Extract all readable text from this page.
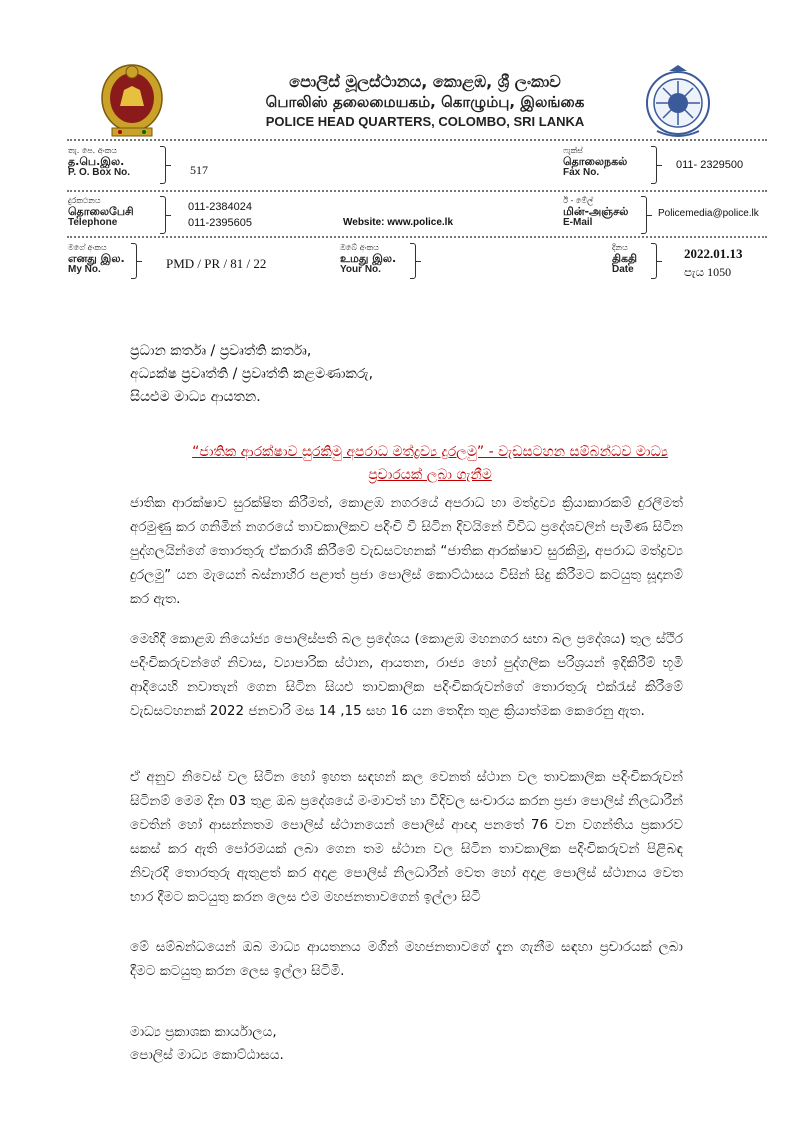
පොලිස් මූලස්ථානය, කොළඹ, ශ්‍රී ලංකාව
பொலிஸ் தலைமையகம், கொழும்பு, இலங்கை
POLICE HEAD QUARTERS, COLOMBO, SRI LANKA
තැ. පෙ. අංකය
த.பெ.இல.
P. O. Box No.	517
ෆැක්ස්
தொலைநகல்
Fax No.
011- 2329500
දුරකථනය
தொலைபேசி
Telephone
011-2384024
011-2395605	Website: www.police.lk
ඊ - මේල්
மின்-அஞ்சல்
E-Mail
Policemedia@police.lk
මගේ අංකය
எனது இல.
My No.	PMD / PR / 81 / 22
ඔබේ අංකය
உமது இல.
Your No.
දිනය
திகதி
Date
2022.01.13
පැය 1050
ප්‍රධාන කර්තෘ / ප්‍රවෘත්ති කර්තෘ,
අධ්‍යක්ෂ ප්‍රවෘත්ති / ප්‍රවෘත්ති කළමණාකරු,
සියළුම මාධ්‍ය ආයතන.
“ජාතික ආරක්ෂාව සුරකිමු අපරාධ මත්ද්‍රව්‍ය දුරලමු” - වැඩසටහන සම්බන්ධව මාධ්‍ය
ප්‍රචාරයක් ලබා ගැනීම
ජාතික ආරක්ෂාව සුරක්ෂිත කිරීමත්, කොළඹ නගරයේ අපරාධ හා මත්ද්‍රව්‍ය ක්‍රියාකාරකම් දුරලීමත් අරමුණු කර ගනිමින් නගරයේ තාවකාලිකව පදිංචි වී සිටින දිවයිනේ විවිධ ප්‍රදේශවලින් පැමිණ සිටින පුද්ගලයින්ගේ තොරතුරු ඒකරාශි කිරීමේ වැඩසටහනක් “ජාතික ආරක්ෂාව සුරකිමු, අපරාධ මත්ද්‍රව්‍ය දුරලමු” යන මැයෙන් බස්නාහිර පළාත් ප්‍රජා පොලිස් කොට්ඨාසය විසින් සිදු කිරීමට කටයුතු සූදානම් කර ඇත.
මෙහිදී කොළඹ නියෝජ්‍ය පොලිස්පති බල ප්‍රදේශය (කොළඹ මහනගර සභා බල ප්‍රදේශය) තුල ස්ථිර පදිංචිකරුවන්ගේ නිවාස, ව්‍යාපාරික ස්ථාන, ආයතන, රාජ්‍ය හෝ පුද්ගලික පරිශ්‍රයන් ඉදිකිරීම් භූමි ආදියෙහි නවාතැන් ගෙන සිටින සියළු තාවකාලික පදිංචිකරුවන්ගේ තොරතුරු එක්රැස් කිරීමේ වැඩසටහනක් 2022 ජනවාරි මස 14 ,15 සහ 16 යන තෙදින තුළ ක්‍රියාත්මක කෙරෙනු ඇත.
ඒ අනුව නිවෙස් වල සිටින හෝ ඉහත සඳහන් කල වෙනත් ස්ථාන වල තාවකාලික පදිංචිකරුවන් සිටිනම් මෙම දින 03 තුළ ඔබ ප්‍රදේශයේ මංමාවත් හා වීදිවල සංචාරය කරන ප්‍රජා පොලිස් නිලධාරීන් වෙතින් හෝ ආසන්නතම පොලිස් ස්ථානයෙන් පොලිස් ආඥා පනතේ 76 වන වගන්තිය ප්‍රකාරව සකස් කර ඇති පෝරමයක් ලබා ගෙන තම ස්ථාන වල සිටින තාවකාලික පදිංචිකරුවන් පිළිබඳ නිවැරදි තොරතුරු ඇතුළත් කර අදාළ පොලිස් නිලධාරීන් වෙත හෝ අදාළ පොලිස් ස්ථානය වෙත භාර දීමට කටයුතු කරන ලෙස එම මහජනතාවගෙන් ඉල්ලා සිටී
මේ සම්බන්ධයෙන් ඔබ මාධ්‍ය ආයතනය මගින් මහජනතාවගේ දැන ගැනීම සඳහා ප්‍රචාරයක් ලබා දීමට කටයුතු කරන ලෙස ඉල්ලා සිටිමි.
මාධ්‍ය ප්‍රකාශක කාර්යාලය,
පොලිස් මාධ්‍ය කොට්ඨාසය.
